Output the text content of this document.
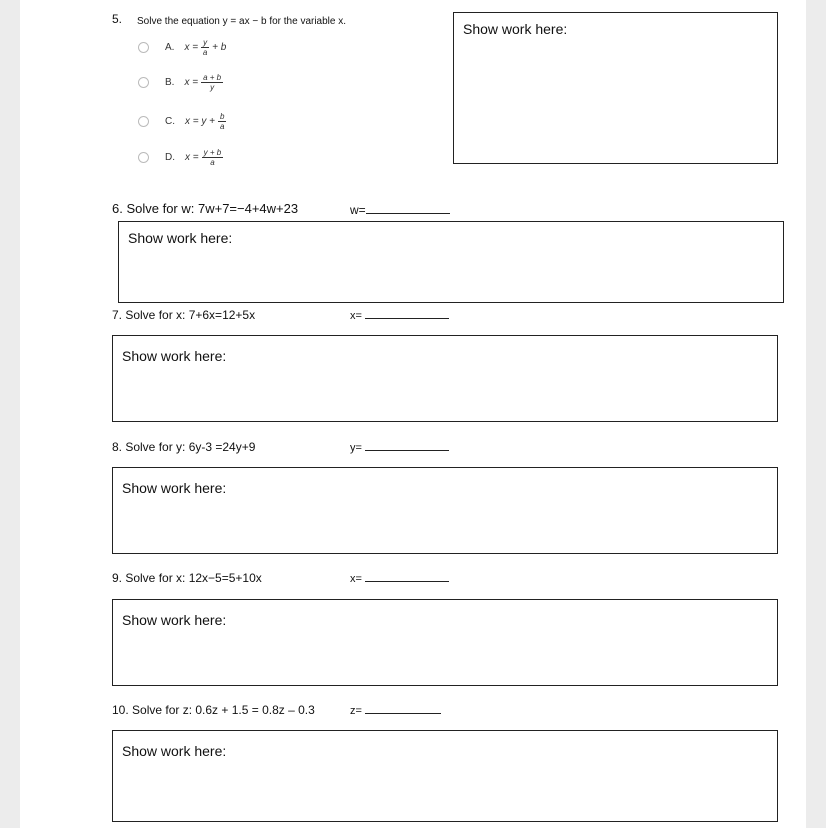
5. Solve the equation y = ax − b for the variable x.
A. $x = \frac{y}{a} + b$
B. $x = \frac{a + b}{y}$
C. $x = y + \frac{b}{a}$
D. $x = \frac{y + b}{a}$
Show work here:
6. Solve for w: 7w+7=−4+4w+23	w=
Show work here:
7. Solve for x: 7+6x=12+5x	x=
Show work here:
8. Solve for y: 6y-3 =24y+9	y=
Show work here:
9. Solve for x: 12x−5=5+10x	x=
Show work here:
10. Solve for z: 0.6z + 1.5 = 0.8z – 0.3	z=
Show work here:
